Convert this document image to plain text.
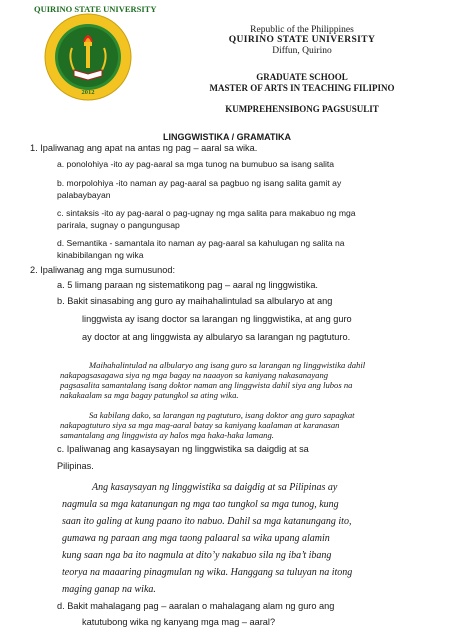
QUIRINO STATE UNIVERSITY
2012
Republic of the Philippines
QUIRINO STATE UNIVERSITY
Diffun, Quirino
GRADUATE SCHOOL
MASTER OF ARTS IN TEACHING FILIPINO
KUMPREHENSIBONG PAGSUSULIT
LINGGWISTIKA / GRAMATIKA
1. Ipaliwanag ang apat na antas ng pag – aaral sa wika.
a. ponolohiya -ito ay pag-aaral sa mga tunog na bumubuo sa isang salita
b. morpolohiya -ito naman ay pag-aaral sa pagbuo ng isang salita gamit ay
palabaybayan
c. sintaksis -ito ay pag-aaral o pag-ugnay ng mga salita para makabuo ng mga
parirala, sugnay o pangungusap
d. Semantika - samantala ito naman ay pag-aaral sa kahulugan ng salita na
kinabibilangan ng wika
2. Ipaliwanag ang mga sumusunod:
a. 5 limang paraan ng sistematikong pag – aaral ng linggwistika.
b. Bakit sinasabing ang guro ay maihahalintulad sa albularyo at ang
linggwista ay isang doctor sa larangan ng linggwistika, at ang guro
ay doctor at ang linggwista ay albularyo sa larangan ng pagtuturo.
Maihahalintulad na albularyo ang isang guro sa larangan ng linggwistika dahil
nakapagsasagawa siya ng mga bagay na naaayon sa kaniyang nakasanayang
pagsasalita samantalang isang doktor naman ang linggwista dahil siya ang lubos na
nakakaalam sa mga bagay patungkol sa ating wika.
Sa kabilang dako, sa larangan ng pagtuturo, isang doktor ang guro sapagkat
nakapagtuturo siya sa mga mag-aaral batay sa kaniyang kaalaman at karanasan
samantalang ang linggwista ay halos mga haka-haka lamang.
c. Ipaliwanag ang kasaysayan ng linggwistika sa daigdig at sa
Pilipinas.
Ang kasaysayan ng linggwistika sa daigdig at sa Pilipinas ay
nagmula sa mga katanungan ng mga tao tungkol sa mga tunog, kung
saan ito galing at kung paano ito nabuo. Dahil sa mga katanungang ito,
gumawa ng paraan ang mga taong palaaral sa wika upang alamin
kung saan nga ba ito nagmula at dito’y nakabuo sila ng iba’t ibang
teorya na maaaring pinagmulan ng wika. Hanggang sa tuluyan na itong
maging ganap na wika.
d. Bakit mahalagang pag – aaralan o mahalagang alam ng guro ang
katutubong wika ng kanyang mga mag – aaral?
